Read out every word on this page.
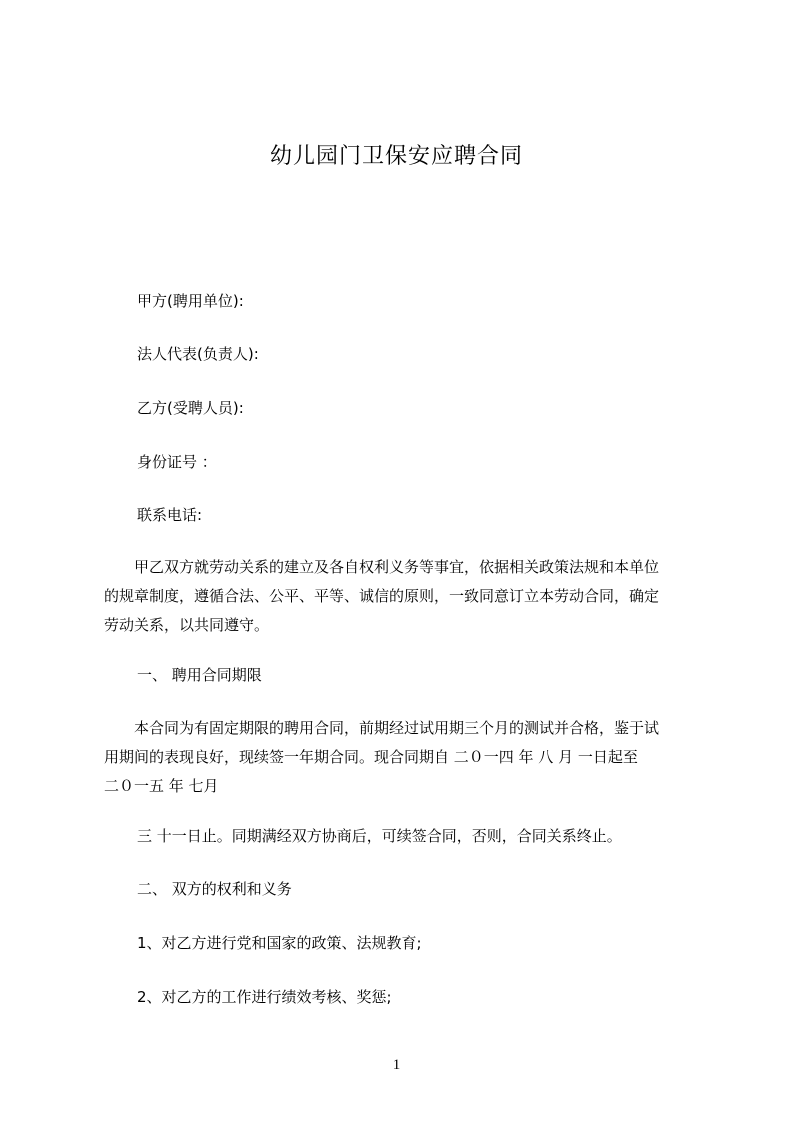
幼儿园门卫保安应聘合同
甲方(聘用单位):
法人代表(负责人):
乙方(受聘人员):
身份证号 ：
联系电话:
　　甲乙双方就劳动关系的建立及各自权利义务等事宜，依据相关政策法规和本单位
的规章制度，遵循合法、公平、平等、诚信的原则，一致同意订立本劳动合同，确定
劳动关系，以共同遵守。
一、 聘用合同期限
　　本合同为有固定期限的聘用合同，前期经过试用期三个月的测试并合格，鉴于试
用期间的表现良好，现续签一年期合同。现合同期自 二０一四 年 八 月 一日起至
二０一五 年 七月
三 十一日止。同期满经双方协商后，可续签合同，否则，合同关系终止。
二、 双方的权利和义务
1、对乙方进行党和国家的政策、法规教育;
2、对乙方的工作进行绩效考核、奖惩;
1
